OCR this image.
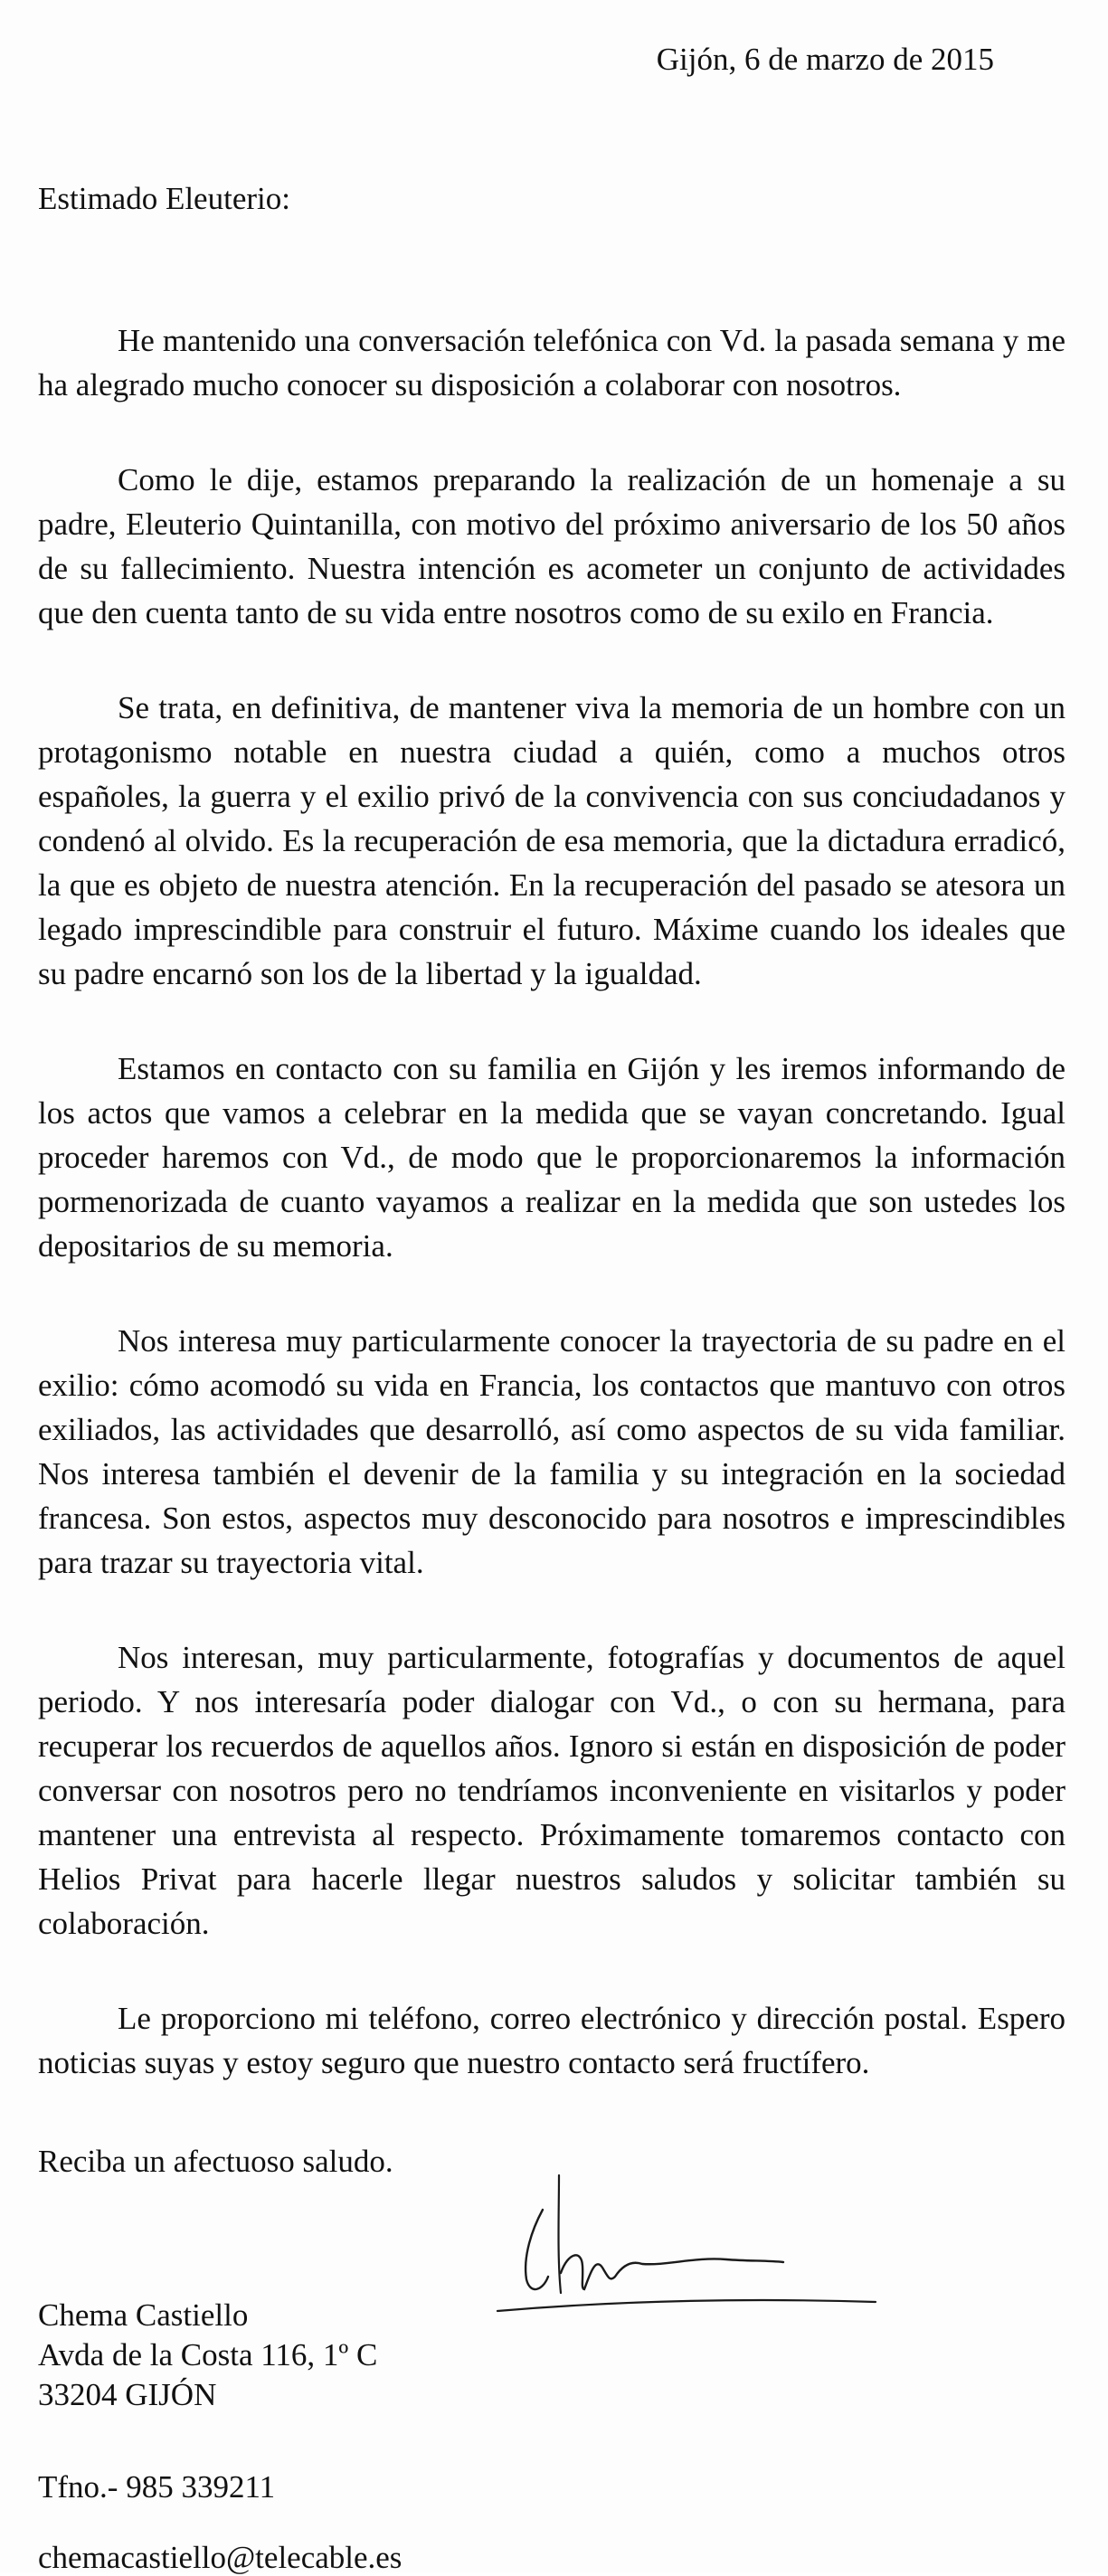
Gijón, 6 de marzo de 2015
Estimado Eleuterio:

He mantenido una conversación telefónica con Vd. la pasada semana y me ha alegrado mucho conocer su disposición a colaborar con nosotros.

Como le dije, estamos preparando la realización de un homenaje a su padre, Eleuterio Quintanilla, con motivo del próximo aniversario de los 50 años de su fallecimiento. Nuestra intención es acometer un conjunto de actividades que den cuenta tanto de su vida entre nosotros como de su exilo en Francia.

Se trata, en definitiva, de mantener viva la memoria de un hombre con un protagonismo notable en nuestra ciudad a quién, como a muchos otros españoles, la guerra y el exilio privó de la convivencia con sus conciudadanos y condenó al olvido. Es la recuperación de esa memoria, que la dictadura erradicó, la que es objeto de nuestra atención. En la recuperación del pasado se atesora un legado imprescindible para construir el futuro. Máxime cuando los ideales que su padre encarnó son los de la libertad y la igualdad.

Estamos en contacto con su familia en Gijón y les iremos informando de los actos que vamos a celebrar en la medida que se vayan concretando. Igual proceder haremos con Vd., de modo que le proporcionaremos la información pormenorizada de cuanto vayamos a realizar en la medida que son ustedes los depositarios de su memoria.

Nos interesa muy particularmente conocer la trayectoria de su padre en el exilio: cómo acomodó su vida en Francia, los contactos que mantuvo con otros exiliados, las actividades que desarrolló, así como aspectos de su vida familiar. Nos interesa también el devenir de la familia y su integración en la sociedad francesa. Son estos, aspectos muy desconocido para nosotros e imprescindibles para trazar su trayectoria vital.

Nos interesan, muy particularmente, fotografías y documentos de aquel periodo. Y nos interesaría poder dialogar con Vd., o con su hermana, para recuperar los recuerdos de aquellos años. Ignoro si están en disposición de poder conversar con nosotros pero no tendríamos inconveniente en visitarlos y poder mantener una entrevista al respecto. Próximamente tomaremos contacto con Helios Privat para hacerle llegar nuestros saludos y solicitar también su colaboración.

Le proporciono mi teléfono, correo electrónico y dirección postal. Espero noticias suyas y estoy seguro que nuestro contacto será fructífero.

Reciba un afectuoso saludo.
Chema Castiello
Avda de la Costa 116, 1º C
33204 GIJÓN
Tfno.- 985 339211
chemacastiello@telecable.es
